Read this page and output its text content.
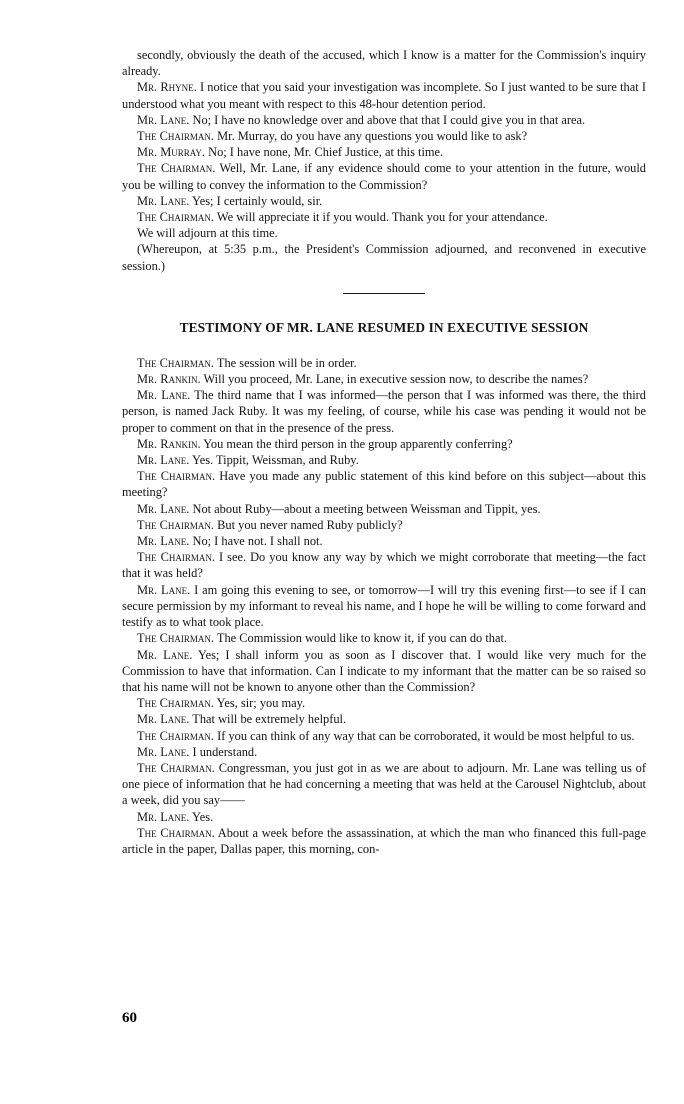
secondly, obviously the death of the accused, which I know is a matter for the Commission's inquiry already.

Mr. Rhyne. I notice that you said your investigation was incomplete. So I just wanted to be sure that I understood what you meant with respect to this 48-hour detention period.

Mr. Lane. No; I have no knowledge over and above that that I could give you in that area.

The Chairman. Mr. Murray, do you have any questions you would like to ask?

Mr. Murray. No; I have none, Mr. Chief Justice, at this time.

The Chairman. Well, Mr. Lane, if any evidence should come to your attention in the future, would you be willing to convey the information to the Commission?

Mr. Lane. Yes; I certainly would, sir.

The Chairman. We will appreciate it if you would. Thank you for your attendance.

We will adjourn at this time.

(Whereupon, at 5:35 p.m., the President's Commission adjourned, and reconvened in executive session.)

TESTIMONY OF MR. LANE RESUMED IN EXECUTIVE SESSION

The Chairman. The session will be in order.

Mr. Rankin. Will you proceed, Mr. Lane, in executive session now, to describe the names?

Mr. Lane. The third name that I was informed—the person that I was informed was there, the third person, is named Jack Ruby. It was my feeling, of course, while his case was pending it would not be proper to comment on that in the presence of the press.

Mr. Rankin. You mean the third person in the group apparently conferring?

Mr. Lane. Yes. Tippit, Weissman, and Ruby.

The Chairman. Have you made any public statement of this kind before on this subject—about this meeting?

Mr. Lane. Not about Ruby—about a meeting between Weissman and Tippit, yes.

The Chairman. But you never named Ruby publicly?

Mr. Lane. No; I have not. I shall not.

The Chairman. I see. Do you know any way by which we might corroborate that meeting—the fact that it was held?

Mr. Lane. I am going this evening to see, or tomorrow—I will try this evening first—to see if I can secure permission by my informant to reveal his name, and I hope he will be willing to come forward and testify as to what took place.

The Chairman. The Commission would like to know it, if you can do that.

Mr. Lane. Yes; I shall inform you as soon as I discover that. I would like very much for the Commission to have that information. Can I indicate to my informant that the matter can be so raised so that his name will not be known to anyone other than the Commission?

The Chairman. Yes, sir; you may.

Mr. Lane. That will be extremely helpful.

The Chairman. If you can think of any way that can be corroborated, it would be most helpful to us.

Mr. Lane. I understand.

The Chairman. Congressman, you just got in as we are about to adjourn. Mr. Lane was telling us of one piece of information that he had concerning a meeting that was held at the Carousel Nightclub, about a week, did you say——

Mr. Lane. Yes.

The Chairman. About a week before the assassination, at which the man who financed this full-page article in the paper, Dallas paper, this morning, con-

60
